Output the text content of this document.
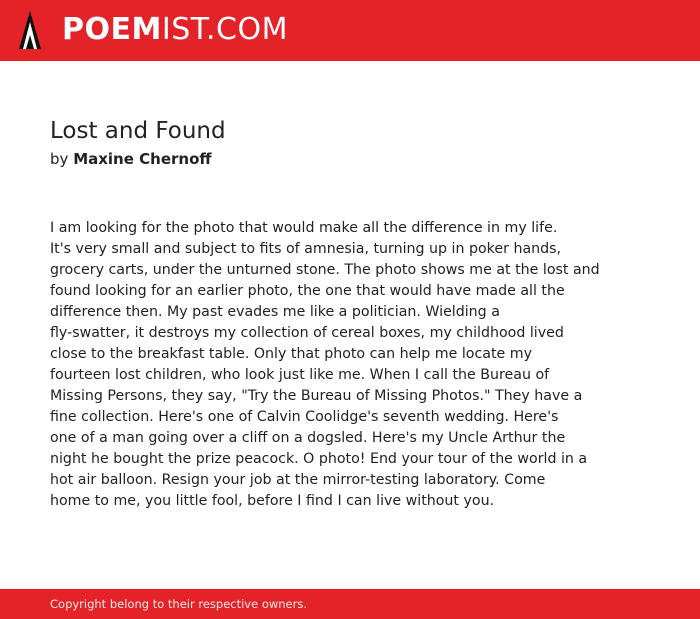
POEM IST.COM
Lost and Found
by Maxine Chernoff
I am looking for the photo that would make all the difference in my life.
It's very small and subject to fits of amnesia, turning up in poker hands,
grocery carts, under the unturned stone. The photo shows me at the lost and
found looking for an earlier photo, the one that would have made all the
difference then. My past evades me like a politician. Wielding a
fly-swatter, it destroys my collection of cereal boxes, my childhood lived
close to the breakfast table. Only that photo can help me locate my
fourteen lost children, who look just like me. When I call the Bureau of
Missing Persons, they say, "Try the Bureau of Missing Photos." They have a
fine collection. Here's one of Calvin Coolidge's seventh wedding. Here's
one of a man going over a cliff on a dogsled. Here's my Uncle Arthur the
night he bought the prize peacock. O photo! End your tour of the world in a
hot air balloon. Resign your job at the mirror-testing laboratory. Come
home to me, you little fool, before I find I can live without you.
Copyright belong to their respective owners.
